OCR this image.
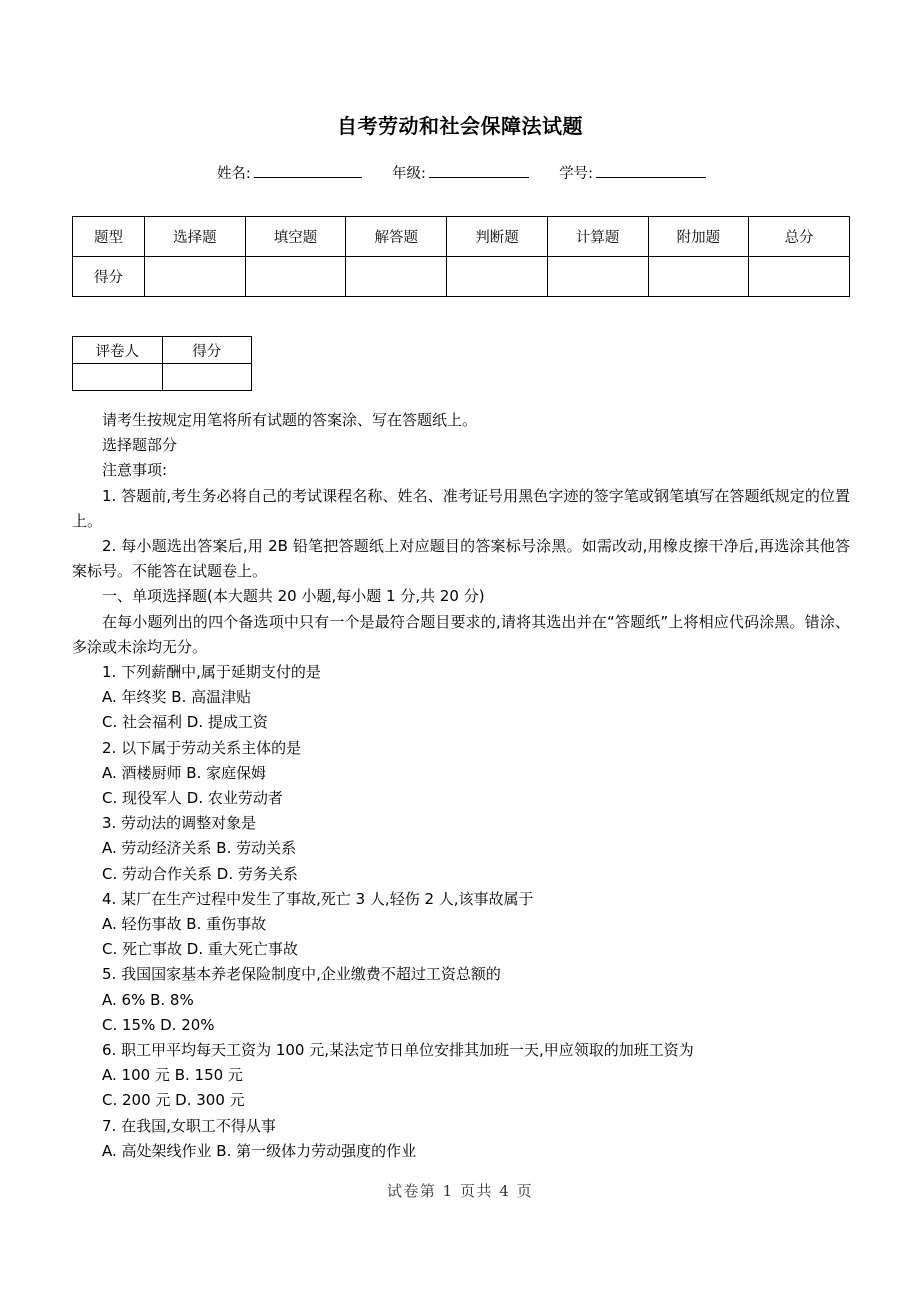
自考劳动和社会保障法试题
姓名:	年级:	学号:
题型	选择题	填空题	解答题	判断题	计算题	附加题	总分
得分							
评卷人	得分

请考生按规定用笔将所有试题的答案涂、写在答题纸上。

选择题部分

注意事项:

1. 答题前,考生务必将自己的考试课程名称、姓名、准考证号用黑色字迹的签字笔或钢笔填写在答题纸规定的位置上。

2. 每小题选出答案后,用 2B 铅笔把答题纸上对应题目的答案标号涂黑。如需改动,用橡皮擦干净后,再选涂其他答案标号。不能答在试题卷上。

一、单项选择题(本大题共 20 小题,每小题 1 分,共 20 分)

在每小题列出的四个备选项中只有一个是最符合题目要求的,请将其选出并在“答题纸”上将相应代码涂黑。错涂、多涂或未涂均无分。

1. 下列薪酬中,属于延期支付的是

A. 年终奖 B. 高温津贴

C. 社会福利 D. 提成工资

2. 以下属于劳动关系主体的是

A. 酒楼厨师 B. 家庭保姆

C. 现役军人 D. 农业劳动者

3. 劳动法的调整对象是

A. 劳动经济关系 B. 劳动关系

C. 劳动合作关系 D. 劳务关系

4. 某厂在生产过程中发生了事故,死亡 3 人,轻伤 2 人,该事故属于

A. 轻伤事故 B. 重伤事故

C. 死亡事故 D. 重大死亡事故

5. 我国国家基本养老保险制度中,企业缴费不超过工资总额的

A. 6% B. 8%

C. 15% D. 20%

6. 职工甲平均每天工资为 100 元,某法定节日单位安排其加班一天,甲应领取的加班工资为

A. 100 元 B. 150 元

C. 200 元 D. 300 元

7. 在我国,女职工不得从事

A. 高处架线作业 B. 第一级体力劳动强度的作业

试卷第 1 页共 4 页
